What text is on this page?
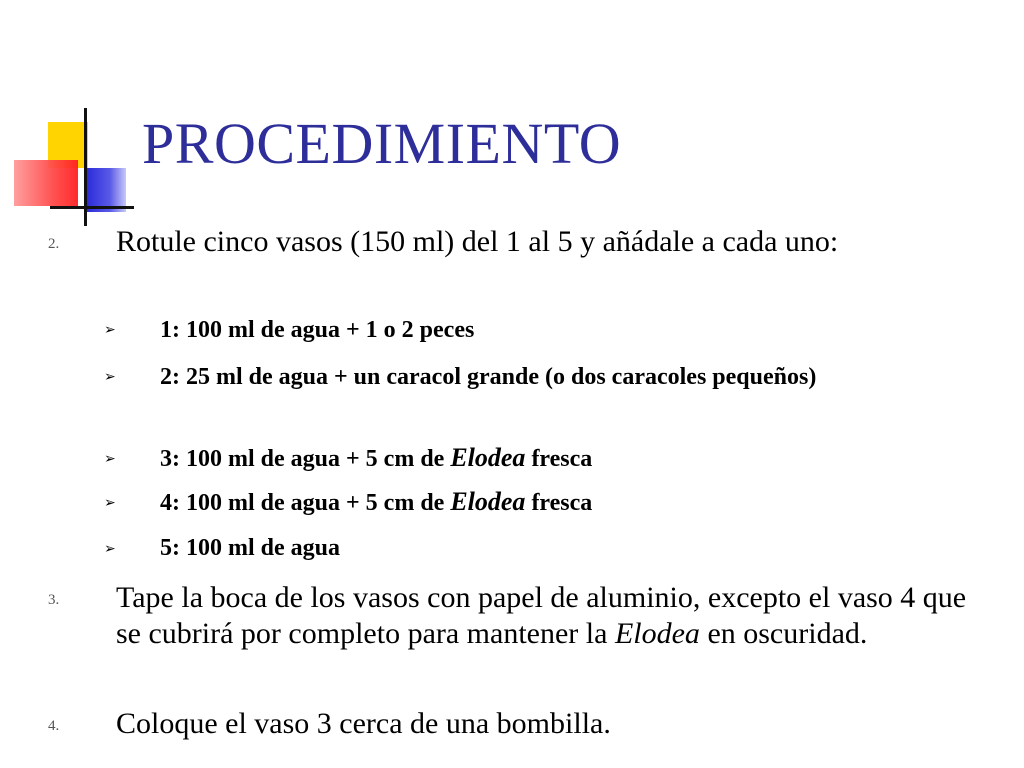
PROCEDIMIENTO
2. Rotule cinco vasos (150 ml) del 1 al 5 y añádale a cada uno:
➢ 1: 100 ml de agua + 1 o 2 peces
➢ 2: 25 ml de agua + un caracol grande (o dos caracoles pequeños)
➢ 3: 100 ml de agua + 5 cm de Elodea fresca
➢ 4: 100 ml de agua + 5 cm de Elodea fresca
➢ 5: 100 ml de agua
3. Tape la boca de los vasos con papel de aluminio, excepto el vaso 4 que se cubrirá por completo para mantener la Elodea en oscuridad.
4. Coloque el vaso 3 cerca de una bombilla.
